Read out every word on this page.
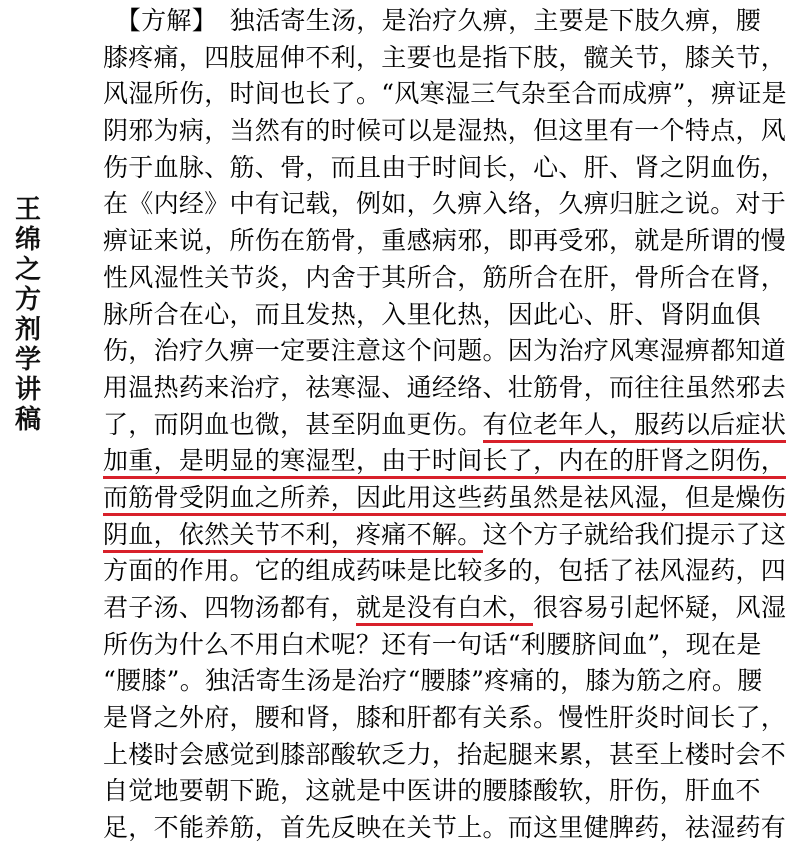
王
绵
之
方
剂
学
讲
稿
　【方解】　独活寄生汤，是治疗久痹，主要是下肢久痹，腰
膝疼痛，四肢屈伸不利，主要也是指下肢，髋关节，膝关节，
风湿所伤，时间也长了。“风寒湿三气杂至合而成痹”，痹证是
阴邪为病，当然有的时候可以是湿热，但这里有一个特点，风
伤于血脉、筋、骨，而且由于时间长，心、肝、肾之阴血伤，
在《内经》中有记载，例如，久痹入络，久痹归脏之说。对于
痹证来说，所伤在筋骨，重感病邪，即再受邪，就是所谓的慢
性风湿性关节炎，内舍于其所合，筋所合在肝，骨所合在肾，
脉所合在心，而且发热，入里化热，因此心、肝、肾阴血俱
伤，治疗久痹一定要注意这个问题。因为治疗风寒湿痹都知道
用温热药来治疗，祛寒湿、通经络、壮筋骨，而往往虽然邪去
了，而阴血也微，甚至阴血更伤。有位老年人，服药以后症状
加重，是明显的寒湿型，由于时间长了，内在的肝肾之阴伤，
而筋骨受阴血之所养，因此用这些药虽然是祛风湿，但是燥伤
阴血，依然关节不利，疼痛不解。这个方子就给我们提示了这
方面的作用。它的组成药味是比较多的，包括了祛风湿药，四
君子汤、四物汤都有，就是没有白术，很容易引起怀疑，风湿
所伤为什么不用白术呢？还有一句话“利腰脐间血”，现在是
“腰膝”。独活寄生汤是治疗“腰膝”疼痛的，膝为筋之府。腰
是肾之外府，腰和肾，膝和肝都有关系。慢性肝炎时间长了，
上楼时会感觉到膝部酸软乏力，抬起腿来累，甚至上楼时会不
自觉地要朝下跪，这就是中医讲的腰膝酸软，肝伤，肝血不
足，不能养筋，首先反映在关节上。而这里健脾药，祛湿药有
